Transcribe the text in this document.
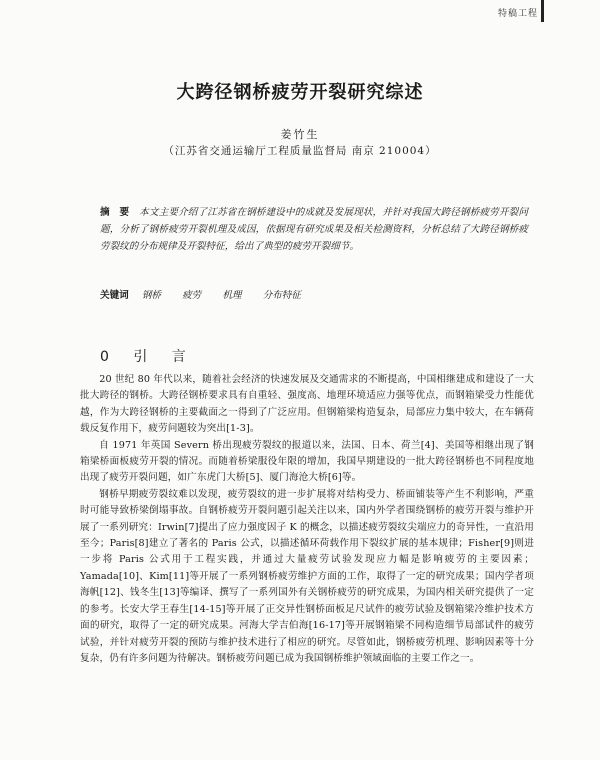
特稿工程
大跨径钢桥疲劳开裂研究综述
姜竹生
（江苏省交通运输厅工程质量监督局 南京 210004）
摘　要 本文主要介绍了江苏省在钢桥建设中的成就及发展现状，并针对我国大跨径钢桥疲劳开裂问题，分析了钢桥疲劳开裂机理及成因，依据现有研究成果及相关检测资料，分析总结了大跨径钢桥疲劳裂纹的分布规律及开裂特征，给出了典型的疲劳开裂细节。
关键词 钢桥 疲劳 机理 分布特征
0 引 言

20 世纪 80 年代以来，随着社会经济的快速发展及交通需求的不断提高，中国相继建成和建设了一大批大跨径的钢桥。大跨径钢桥要求具有自重轻、强度高、地理环境适应力强等优点，而钢箱梁受力性能优越，作为大跨径钢桥的主要截面之一得到了广泛应用。但钢箱梁构造复杂，局部应力集中较大，在车辆荷载反复作用下，疲劳问题较为突出[1-3]。

自 1971 年英国 Severn 桥出现疲劳裂纹的报道以来，法国、日本、荷兰[4]、美国等相继出现了钢箱梁桥面板疲劳开裂的情况。而随着桥梁服役年限的增加，我国早期建设的一批大跨径钢桥也不同程度地出现了疲劳开裂问题，如广东虎门大桥[5]、厦门海沧大桥[6]等。

钢桥早期疲劳裂纹难以发现，疲劳裂纹的进一步扩展将对结构受力、桥面铺装等产生不利影响，严重时可能导致桥梁倒塌事故。自钢桥疲劳开裂问题引起关注以来，国内外学者围绕钢桥的疲劳开裂与维护开展了一系列研究：Irwin[7]提出了应力强度因子 K 的概念，以描述疲劳裂纹尖端应力的奇异性，一直沿用至今；Paris[8]建立了著名的 Paris 公式，以描述循环荷载作用下裂纹扩展的基本规律；Fisher[9]则进一步将 Paris 公式用于工程实践，并通过大量疲劳试验发现应力幅是影响疲劳的主要因素；Yamada[10]、Kim[11]等开展了一系列钢桥疲劳维护方面的工作，取得了一定的研究成果；国内学者项海帆[12]、钱冬生[13]等编译、撰写了一系列国外有关钢桥疲劳的研究成果，为国内相关研究提供了一定的参考。长安大学王春生[14-15]等开展了正交异性钢桥面板足尺试件的疲劳试验及钢箱梁冷维护技术方面的研究，取得了一定的研究成果。河海大学吉伯海[16-17]等开展钢箱梁不同构造细节局部试件的疲劳试验，并针对疲劳开裂的预防与维护技术进行了相应的研究。尽管如此，钢桥疲劳机理、影响因素等十分复杂，仍有许多问题为待解决。钢桥疲劳问题已成为我国钢桥维护领域面临的主要工作之一。
